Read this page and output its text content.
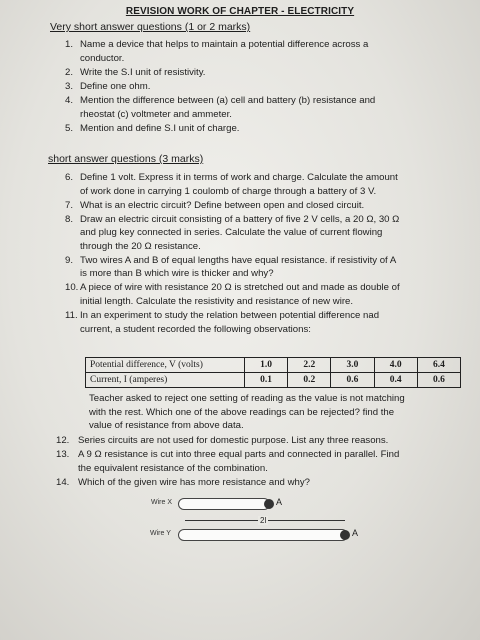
REVISION WORK OF CHAPTER - ELECTRICITY
Very short answer questions (1 or 2 marks)
1. Name a device that helps to maintain a potential difference across a
conductor.
2. Write the S.I unit of resistivity.
3. Define one ohm.
4. Mention the difference between (a) cell and battery (b) resistance and
rheostat (c) voltmeter and ammeter.
5. Mention and define S.I unit of charge.
short answer questions (3 marks)
6. Define 1 volt. Express it in terms of work and charge. Calculate the amount
of work done in carrying 1 coulomb of charge through a battery of 3 V.
7. What is an electric circuit? Define between open and closed circuit.
8. Draw an electric circuit consisting of a battery of five 2 V cells, a 20 Ω, 30 Ω
and plug key connected in series. Calculate the value of current flowing
through the 20 Ω resistance.
9. Two wires A and B of equal lengths have equal resistance. if resistivity of A
is more than B which wire is thicker and why?
10. A piece of wire with resistance 20 Ω is stretched out and made as double of
initial length. Calculate the resistivity and resistance of new wire.
11. In an experiment to study the relation between potential difference nad
current, a student recorded the following observations:
Potential difference, V (volts)	1.0	2.2	3.0	4.0	6.4
Current, I (amperes)	0.1	0.2	0.6	0.4	0.6
Teacher asked to reject one setting of reading as the value is not matching
with the rest. Which one of the above readings can be rejected? find the
value of resistance from above data.
12. Series circuits are not used for domestic purpose. List any three reasons.
13. A 9 Ω resistance is cut into three equal parts and connected in parallel. Find
the equivalent resistance of the combination.
14. Which of the given wire has more resistance and why?
Wire X	A
2l
Wire Y	A
